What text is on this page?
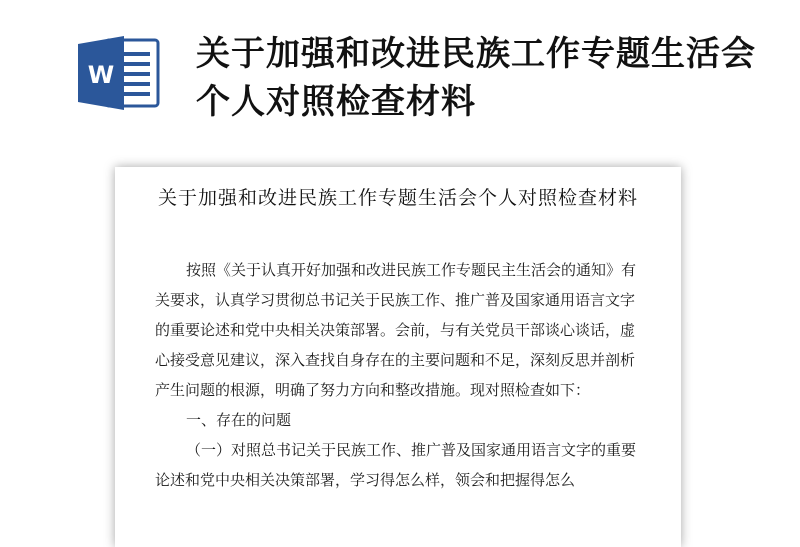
W
关于加强和改进民族工作专题生活会个人对照检查材料
关于加强和改进民族工作专题生活会个人对照检查材料

按照《关于认真开好加强和改进民族工作专题民主生活会的通知》有关要求，认真学习贯彻总书记关于民族工作、推广普及国家通用语言文字的重要论述和党中央相关决策部署。会前，与有关党员干部谈心谈话，虚心接受意见建议，深入查找自身存在的主要问题和不足，深刻反思并剖析产生问题的根源，明确了努力方向和整改措施。现对照检查如下：

一、存在的问题

（一）对照总书记关于民族工作、推广普及国家通用语言文字的重要论述和党中央相关决策部署，学习得怎么样，领会和把握得怎么
